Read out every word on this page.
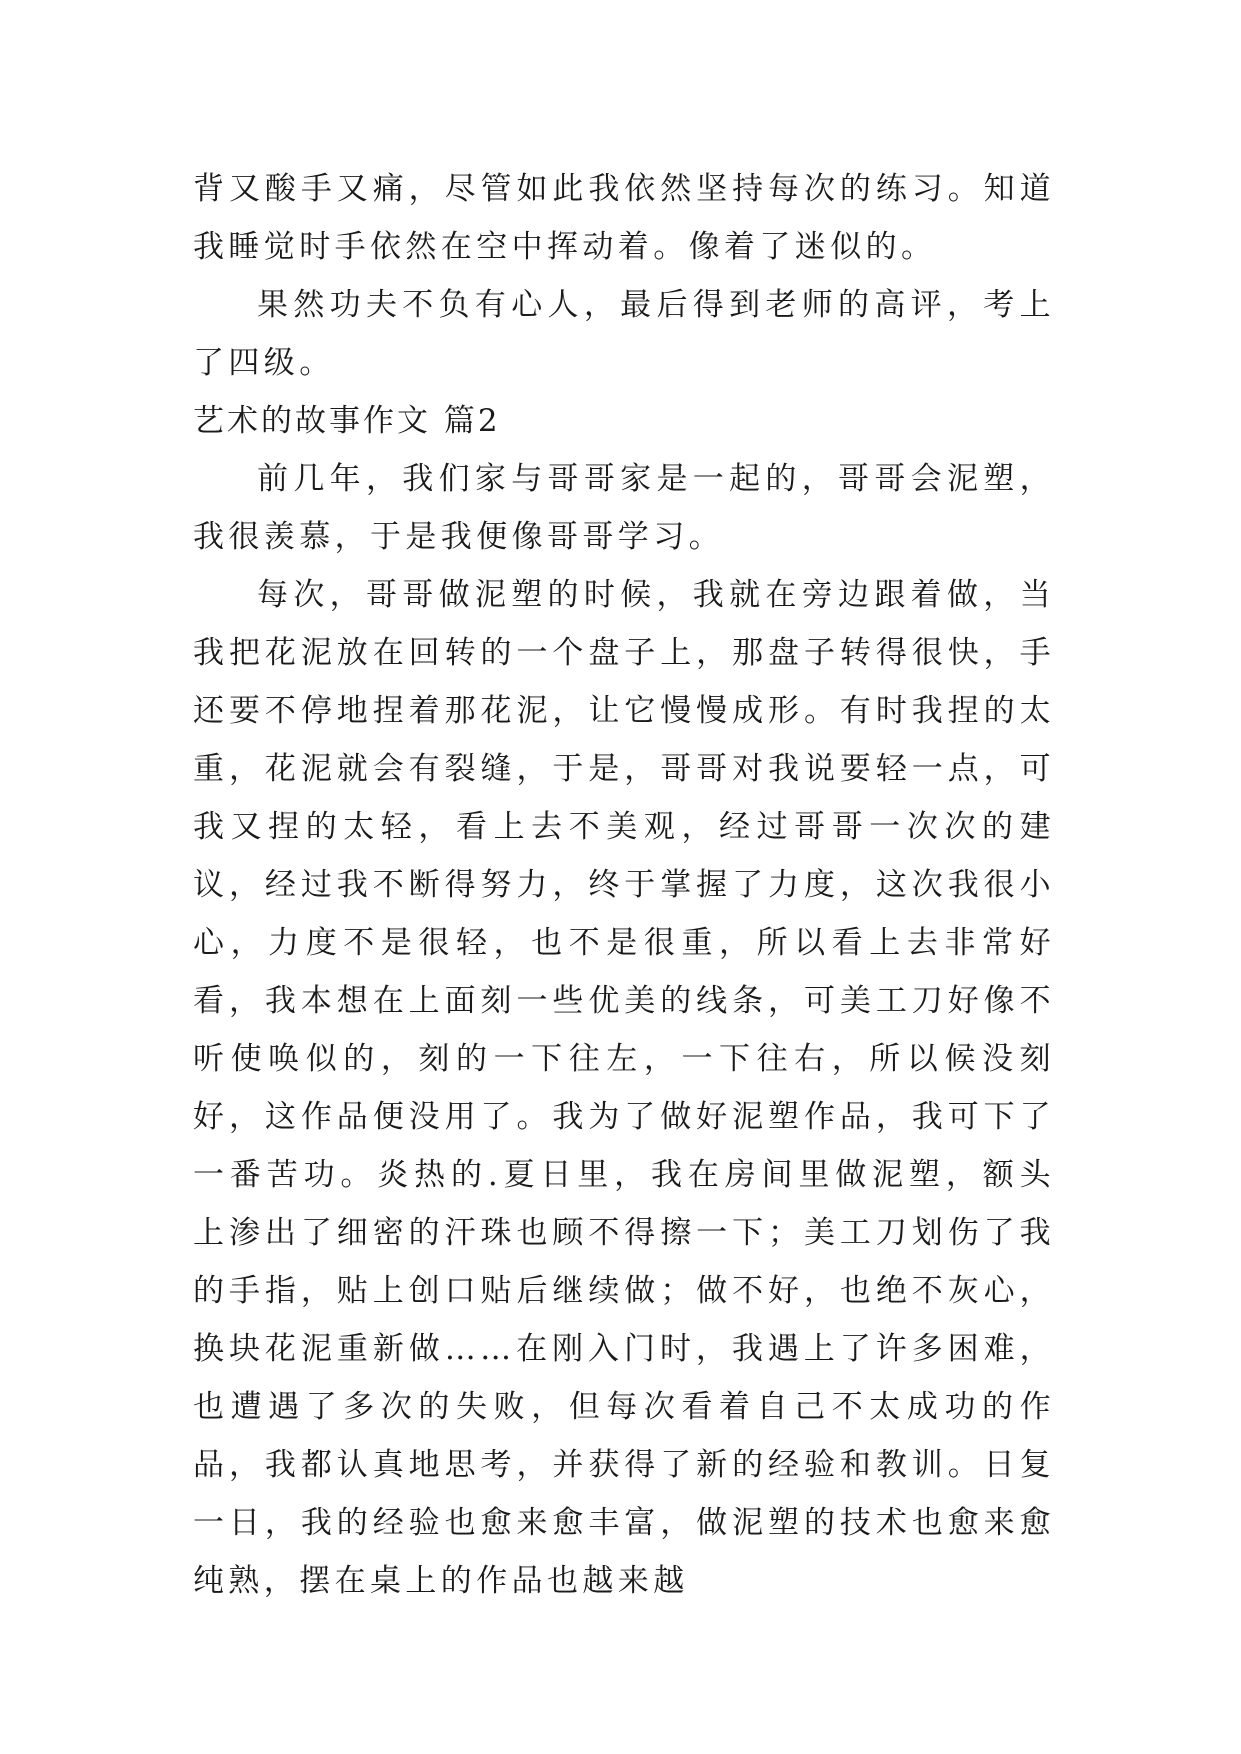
背又酸手又痛，尽管如此我依然坚持每次的练习。知道我睡觉时手依然在空中挥动着。像着了迷似的。

果然功夫不负有心人，最后得到老师的高评，考上了四级。

艺术的故事作文 篇2

前几年，我们家与哥哥家是一起的，哥哥会泥塑，我很羡慕，于是我便像哥哥学习。

每次，哥哥做泥塑的时候，我就在旁边跟着做，当我把花泥放在回转的一个盘子上，那盘子转得很快，手还要不停地捏着那花泥，让它慢慢成形。有时我捏的太重，花泥就会有裂缝，于是，哥哥对我说要轻一点，可我又捏的太轻，看上去不美观，经过哥哥一次次的建议，经过我不断得努力，终于掌握了力度，这次我很小心，力度不是很轻，也不是很重，所以看上去非常好看，我本想在上面刻一些优美的线条，可美工刀好像不听使唤似的，刻的一下往左，一下往右，所以候没刻好，这作品便没用了。我为了做好泥塑作品，我可下了一番苦功。炎热的.夏日里，我在房间里做泥塑，额头上渗出了细密的汗珠也顾不得擦一下；美工刀划伤了我的手指，贴上创口贴后继续做；做不好，也绝不灰心，换块花泥重新做……在刚入门时，我遇上了许多困难，也遭遇了多次的失败，但每次看着自己不太成功的作品，我都认真地思考，并获得了新的经验和教训。日复一日，我的经验也愈来愈丰富，做泥塑的技术也愈来愈纯熟，摆在桌上的作品也越来越
